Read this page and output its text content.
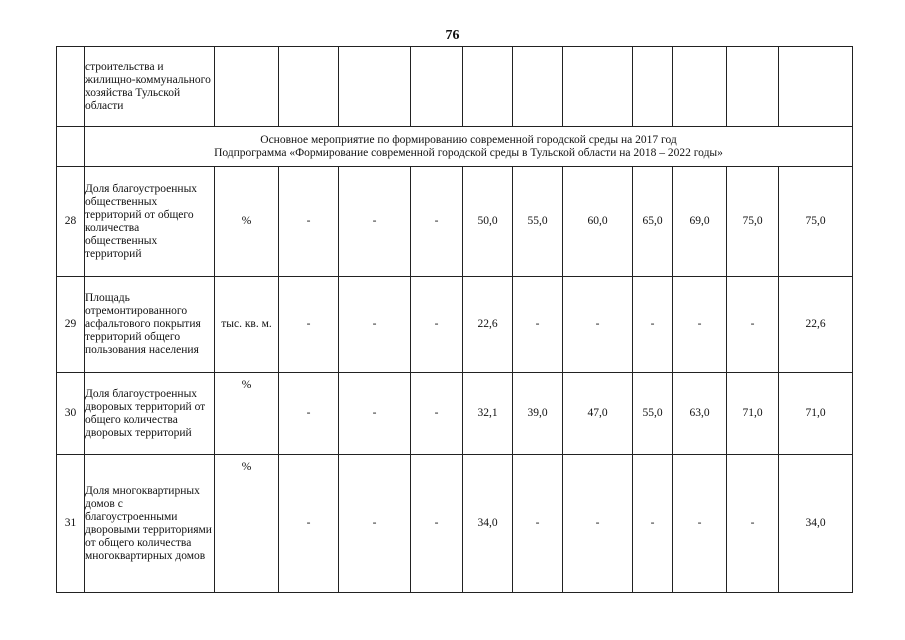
76
	строительства и жилищно-коммунального хозяйства Тульской области											

	Основное мероприятие по формированию современной городской среды на 2017 год
Подпрограмма «Формирование современной городской среды в Тульской области на 2018 – 2022 годы»											

28	Доля благоустроенных общественных территорий от общего количества общественных территорий	%	-	-	-	50,0	55,0	60,0	65,0	69,0	75,0	75,0
29	Площадь отремонтированного асфальтового покрытия территорий общего пользования населения	тыс. кв. м.	-	-	-	22,6	-	-	-	-	-	22,6
30	Доля благоустроенных дворовых территорий от общего количества дворовых территорий	%	-	-	-	32,1	39,0	47,0	55,0	63,0	71,0	71,0
31	Доля многоквартирных домов с благоустроенными дворовыми территориями от общего количества многоквартирных домов	%	-	-	-	34,0	-	-	-	-	-	34,0
